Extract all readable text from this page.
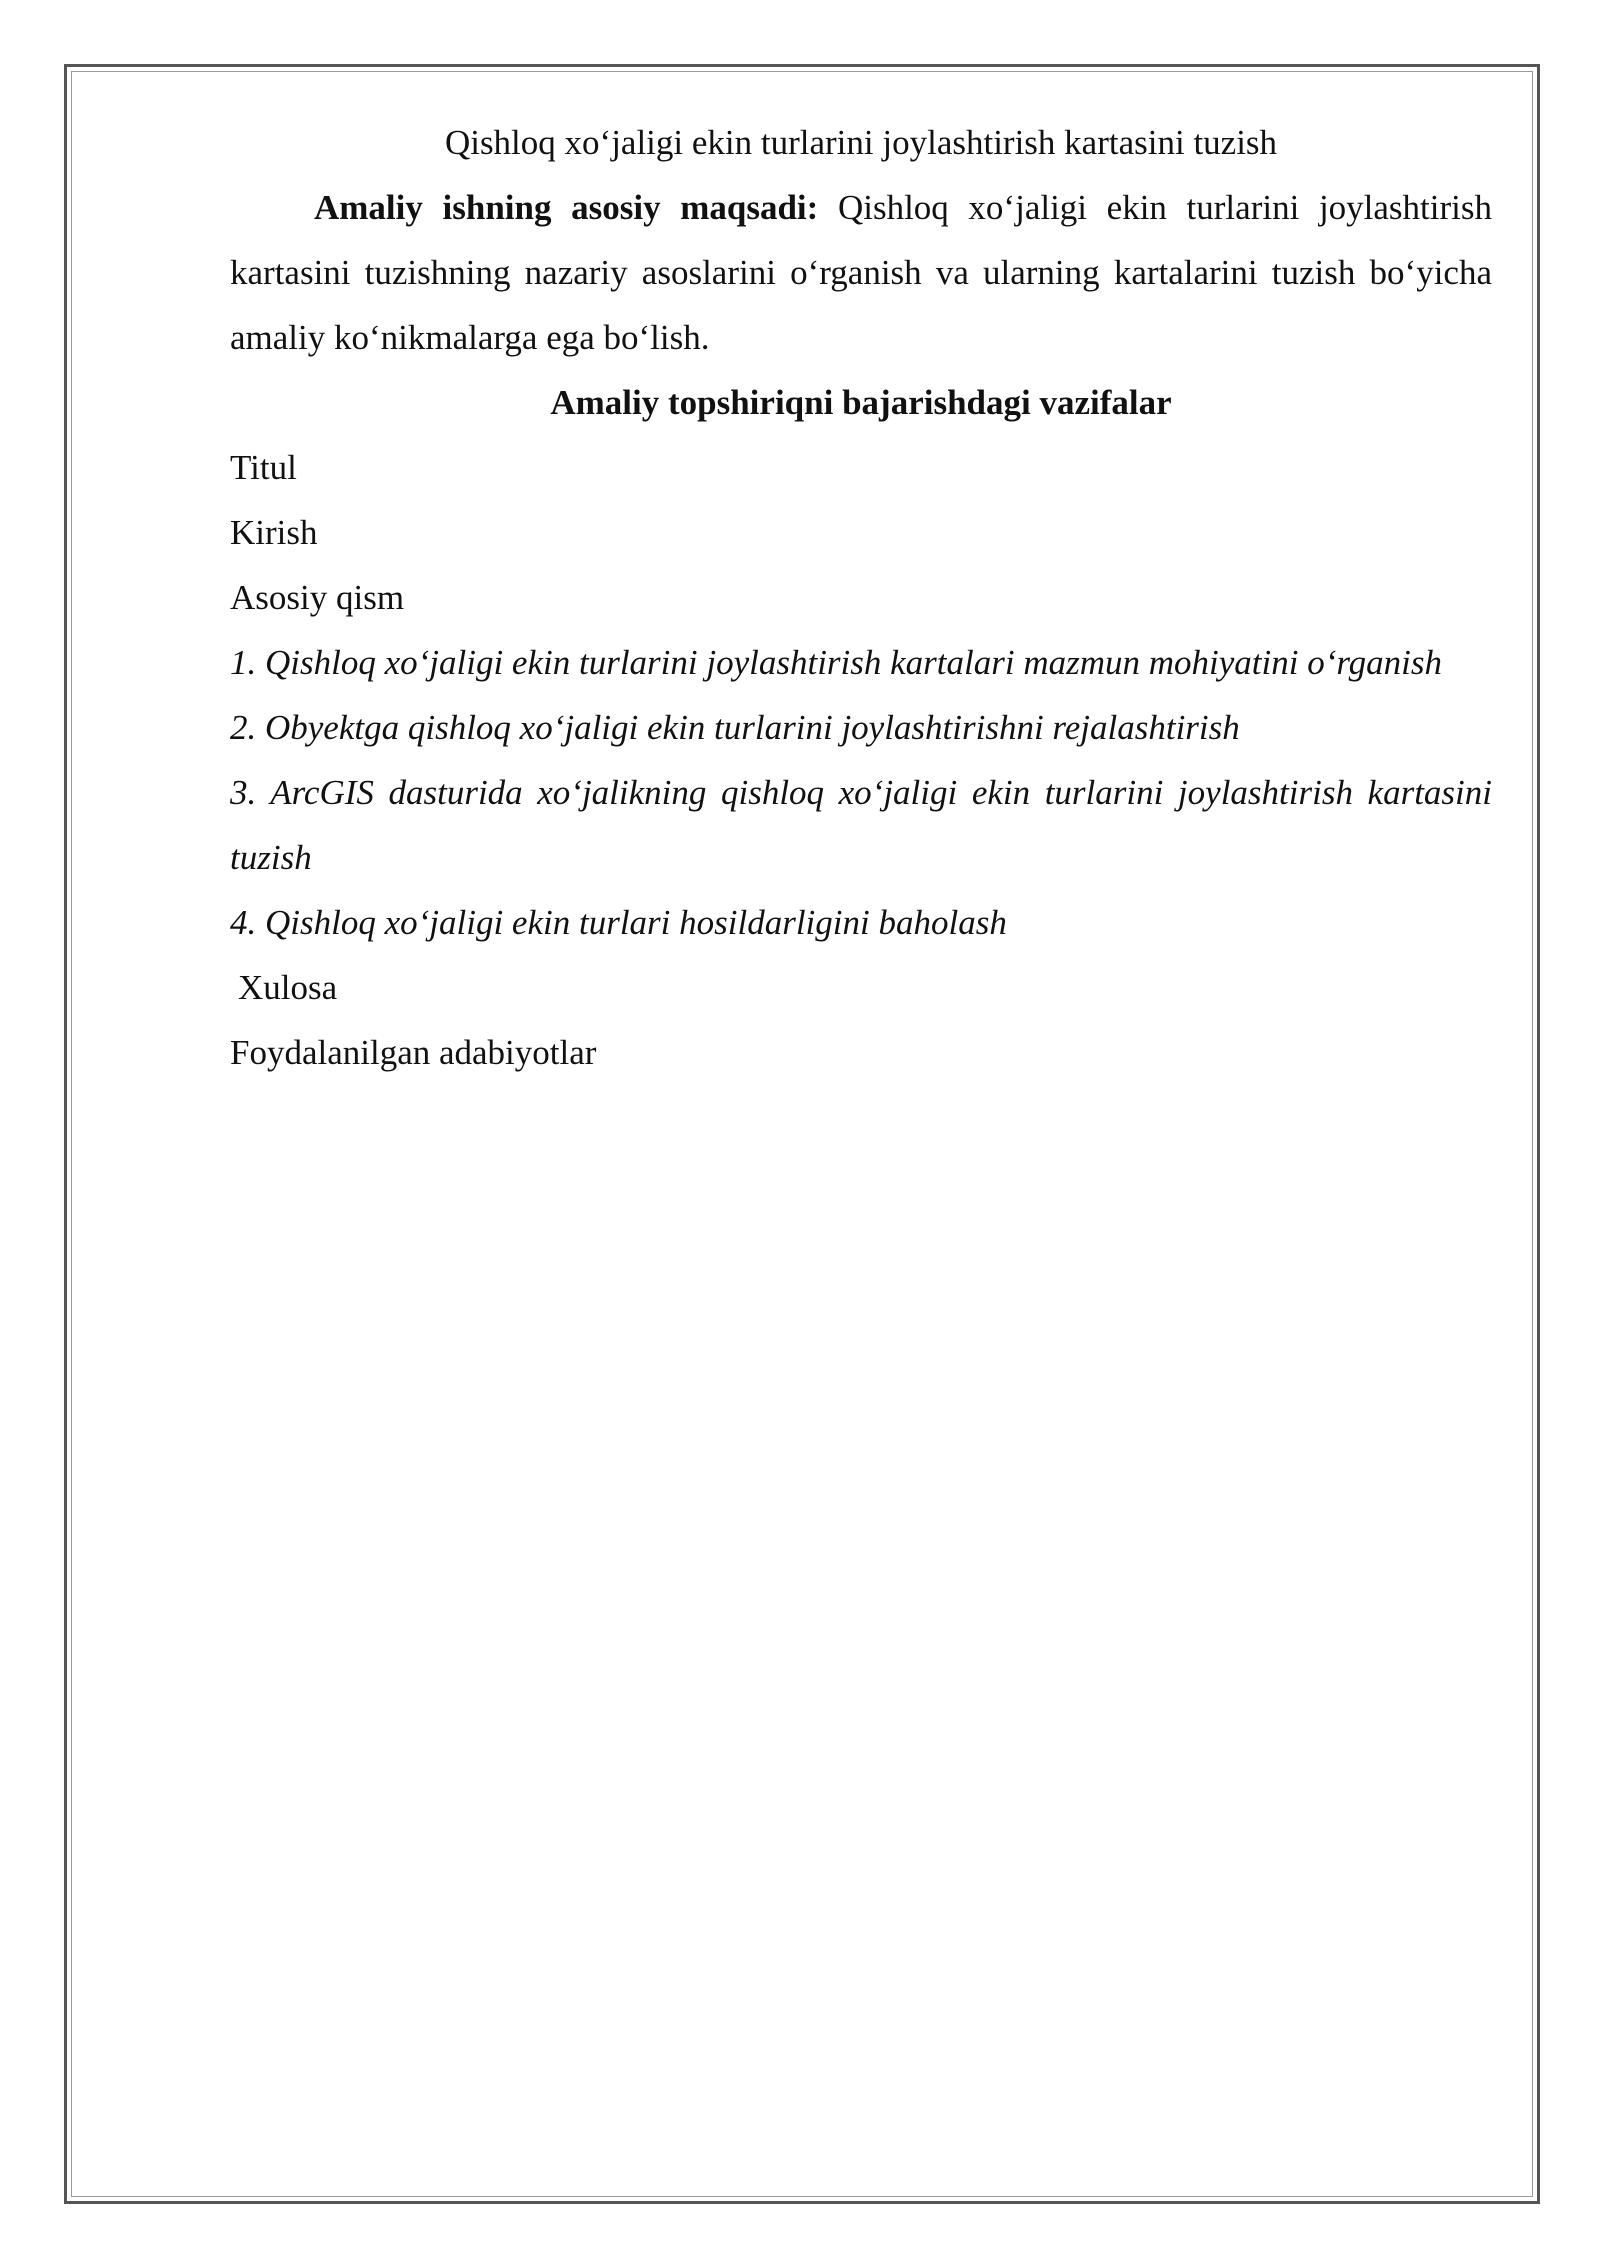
Qishloq xo‘jaligi ekin turlarini joylashtirish kartasini tuzish

Amaliy ishning asosiy maqsadi: Qishloq xo‘jaligi ekin turlarini joylashtirish kartasini tuzishning nazariy asoslarini o‘rganish va ularning kartalarini tuzish bo‘yicha amaliy ko‘nikmalarga ega bo‘lish.

Amaliy topshiriqni bajarishdagi vazifalar

Titul

Kirish

Asosiy qism

1. Qishloq xo‘jaligi ekin turlarini joylashtirish kartalari mazmun mohiyatini o‘rganish

2. Obyektga qishloq xo‘jaligi ekin turlarini joylashtirishni rejalashtirish

3. ArcGIS dasturida xo‘jalikning qishloq xo‘jaligi ekin turlarini joylashtirish kartasini tuzish

4. Qishloq xo‘jaligi ekin turlari hosildarligini baholash

Xulosa

Foydalanilgan adabiyotlar
